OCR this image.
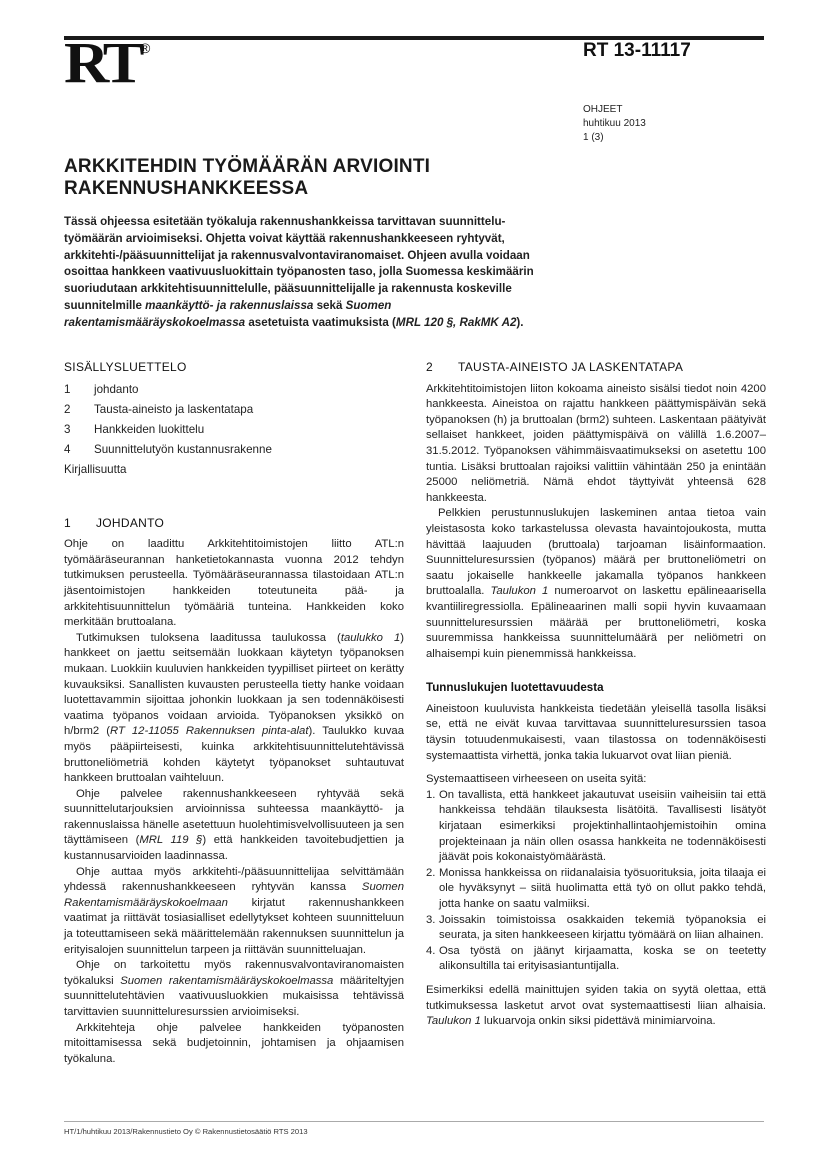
RT ®	RT 13-11117
OHJEET
huhtikuu 2013
1 (3)
ARKKITEHDIN TYÖMÄÄRÄN ARVIOINTI
RAKENNUSHANKKEESSA
Tässä ohjeessa esitetään työkaluja rakennushankkeissa tarvittavan suunnittelutyömäärän arvioimiseksi. Ohjetta voivat käyttää rakennushankkeeseen ryhtyvät, arkkitehti-/pääsuunnittelijat ja rakennusvalvontaviranomaiset. Ohjeen avulla voidaan osoittaa hankkeen vaativuusluokittain työpanosten taso, jolla Suomessa keskimäärin suoriudutaan arkkitehtisuunnittelulle, pääsuunnittelijalle ja rakennusta koskeville suunnitelmille maankäyttö- ja rakennuslaissa sekä Suomen rakentamismääräyskokoelmassa asetetuista vaatimuksista (MRL 120 §, RakMK A2).
SISÄLLYSLUETTELO
1	johdanto
2	Tausta-aineisto ja laskentatapa
3	Hankkeiden luokittelu
4	Suunnittelutyön kustannusrakenne
Kirjallisuutta
1	JOHDANTO

Ohje on laadittu Arkkitehtitoimistojen liitto ATL:n työmääräseurannan hanketietokannasta vuonna 2012 tehdyn tutkimuksen perusteella. Työmääräseurannassa tilastoidaan ATL:n jäsentoimistojen hankkeiden toteutuneita pää- ja arkkitehtisuunnittelun työmääriä tunteina. Hankkeiden koko merkitään bruttoalana.

Tutkimuksen tuloksena laaditussa taulukossa (taulukko 1) hankkeet on jaettu seitsemään luokkaan käytetyn työpanoksen mukaan. Luokkiin kuuluvien hankkeiden tyypilliset piirteet on kerätty kuvauksiksi. Sanallisten kuvausten perusteella tietty hanke voidaan luotettavammin sijoittaa johonkin luokkaan ja sen todennäköisesti vaatima työpanos voidaan arvioida. Työpanoksen yksikkö on h/brm2 (RT 12-11055 Rakennuksen pinta-alat). Taulukko kuvaa myös pääpiirteisesti, kuinka arkkitehtisuunnittelutehtävissä bruttoneliömetriä kohden käytetyt työpanokset suhtautuvat hankkeen bruttoalan vaihteluun.

Ohje palvelee rakennushankkeeseen ryhtyvää sekä suunnittelutarjouksien arvioinnissa suhteessa maankäyttö- ja rakennuslaissa hänelle asetettuun huolehtimisvelvollisuuteen ja sen täyttämiseen (MRL 119 §) että hankkeiden tavoitebudjettien ja kustannusarvioiden laadinnassa.

Ohje auttaa myös arkkitehti-/pääsuunnittelijaa selvittämään yhdessä rakennushankkeeseen ryhtyvän kanssa Suomen Rakentamismääräyskokoelmaan kirjatut rakennushankkeen vaatimat ja riittävät tosiasialliset edellytykset kohteen suunnitteluun ja toteuttamiseen sekä määrittelemään rakennuksen suunnittelun ja erityisalojen suunnittelun tarpeen ja riittävän suunnitteluajan.

Ohje on tarkoitettu myös rakennusvalvontaviranomaisten työkaluksi Suomen rakentamismääräyskokoelmassa määriteltyjen suunnittelutehtävien vaativuusluokkien mukaisissa tehtävissä tarvittavien suunnitteluresurssien arvioimiseksi.

Arkkitehteja ohje palvelee hankkeiden työpanosten mitoittamisessa sekä budjetoinnin, johtamisen ja ohjaamisen työkaluna.

2	TAUSTA-AINEISTO JA LASKENTATAPA

Arkkitehtitoimistojen liiton kokoama aineisto sisälsi tiedot noin 4200 hankkeesta. Aineistoa on rajattu hankkeen päättymispäivän sekä työpanoksen (h) ja bruttoalan (brm2) suhteen. Laskentaan päätyivät sellaiset hankkeet, joiden päättymispäivä on välillä 1.6.2007–31.5.2012. Työpanoksen vähimmäisvaatimukseksi on asetettu 100 tuntia. Lisäksi bruttoalan rajoiksi valittiin vähintään 250 ja enintään 25000 neliömetriä. Nämä ehdot täyttyivät yhteensä 628 hankkeesta.

Pelkkien perustunnuslukujen laskeminen antaa tietoa vain yleistasosta koko tarkastelussa olevasta havaintojoukosta, mutta hävittää laajuuden (bruttoala) tarjoaman lisäinformaation. Suunnitteluresurssien (työpanos) määrä per bruttoneliömetri on saatu jokaiselle hankkeelle jakamalla työpanos hankkeen bruttoalalla. Taulukon 1 numeroarvot on laskettu epälineaarisella kvantiiliregressiolla. Epälineaarinen malli sopii hyvin kuvaamaan suunnitteluresurssien määrää per bruttoneliömetri, koska suuremmissa hankkeissa suunnittelumäärä per neliömetri on alhaisempi kuin pienemmissä hankkeissa.

Tunnuslukujen luotettavuudesta

Aineistoon kuuluvista hankkeista tiedetään yleisellä tasolla lisäksi se, että ne eivät kuvaa tarvittavaa suunnitteluresurssien tasoa täysin totuudenmukaisesti, vaan tilastossa on todennäköisesti systemaattista virhettä, jonka takia lukuarvot ovat liian pieniä.

Systemaattiseen virheeseen on useita syitä:

1. On tavallista, että hankkeet jakautuvat useisiin vaiheisiin tai että hankkeissa tehdään tilauksesta lisätöitä. Tavallisesti lisätyöt kirjataan esimerkiksi projektinhallintaohjemistoihin omina projekteinaan ja näin ollen osassa hankkeita ne todennäköisesti jäävät pois kokonaistyömäärästä.
2. Monissa hankkeissa on riidanalaisia työsuorituksia, joita tilaaja ei ole hyväksynyt – siitä huolimatta että työ on ollut pakko tehdä, jotta hanke on saatu valmiiksi.
3. Joissakin toimistoissa osakkaiden tekemiä työpanoksia ei seurata, ja siten hankkeeseen kirjattu työmäärä on liian alhainen.
4. Osa työstä on jäänyt kirjaamatta, koska se on teetetty alikonsultilla tai erityisasiantuntijalla.

Esimerkiksi edellä mainittujen syiden takia on syytä olettaa, että tutkimuksessa lasketut arvot ovat systemaattisesti liian alhaisia. Taulukon 1 lukuarvoja onkin siksi pidettävä minimiarvoina.

HT/1/huhtikuu 2013/Rakennustieto Oy © Rakennustietosäätiö RTS 2013
